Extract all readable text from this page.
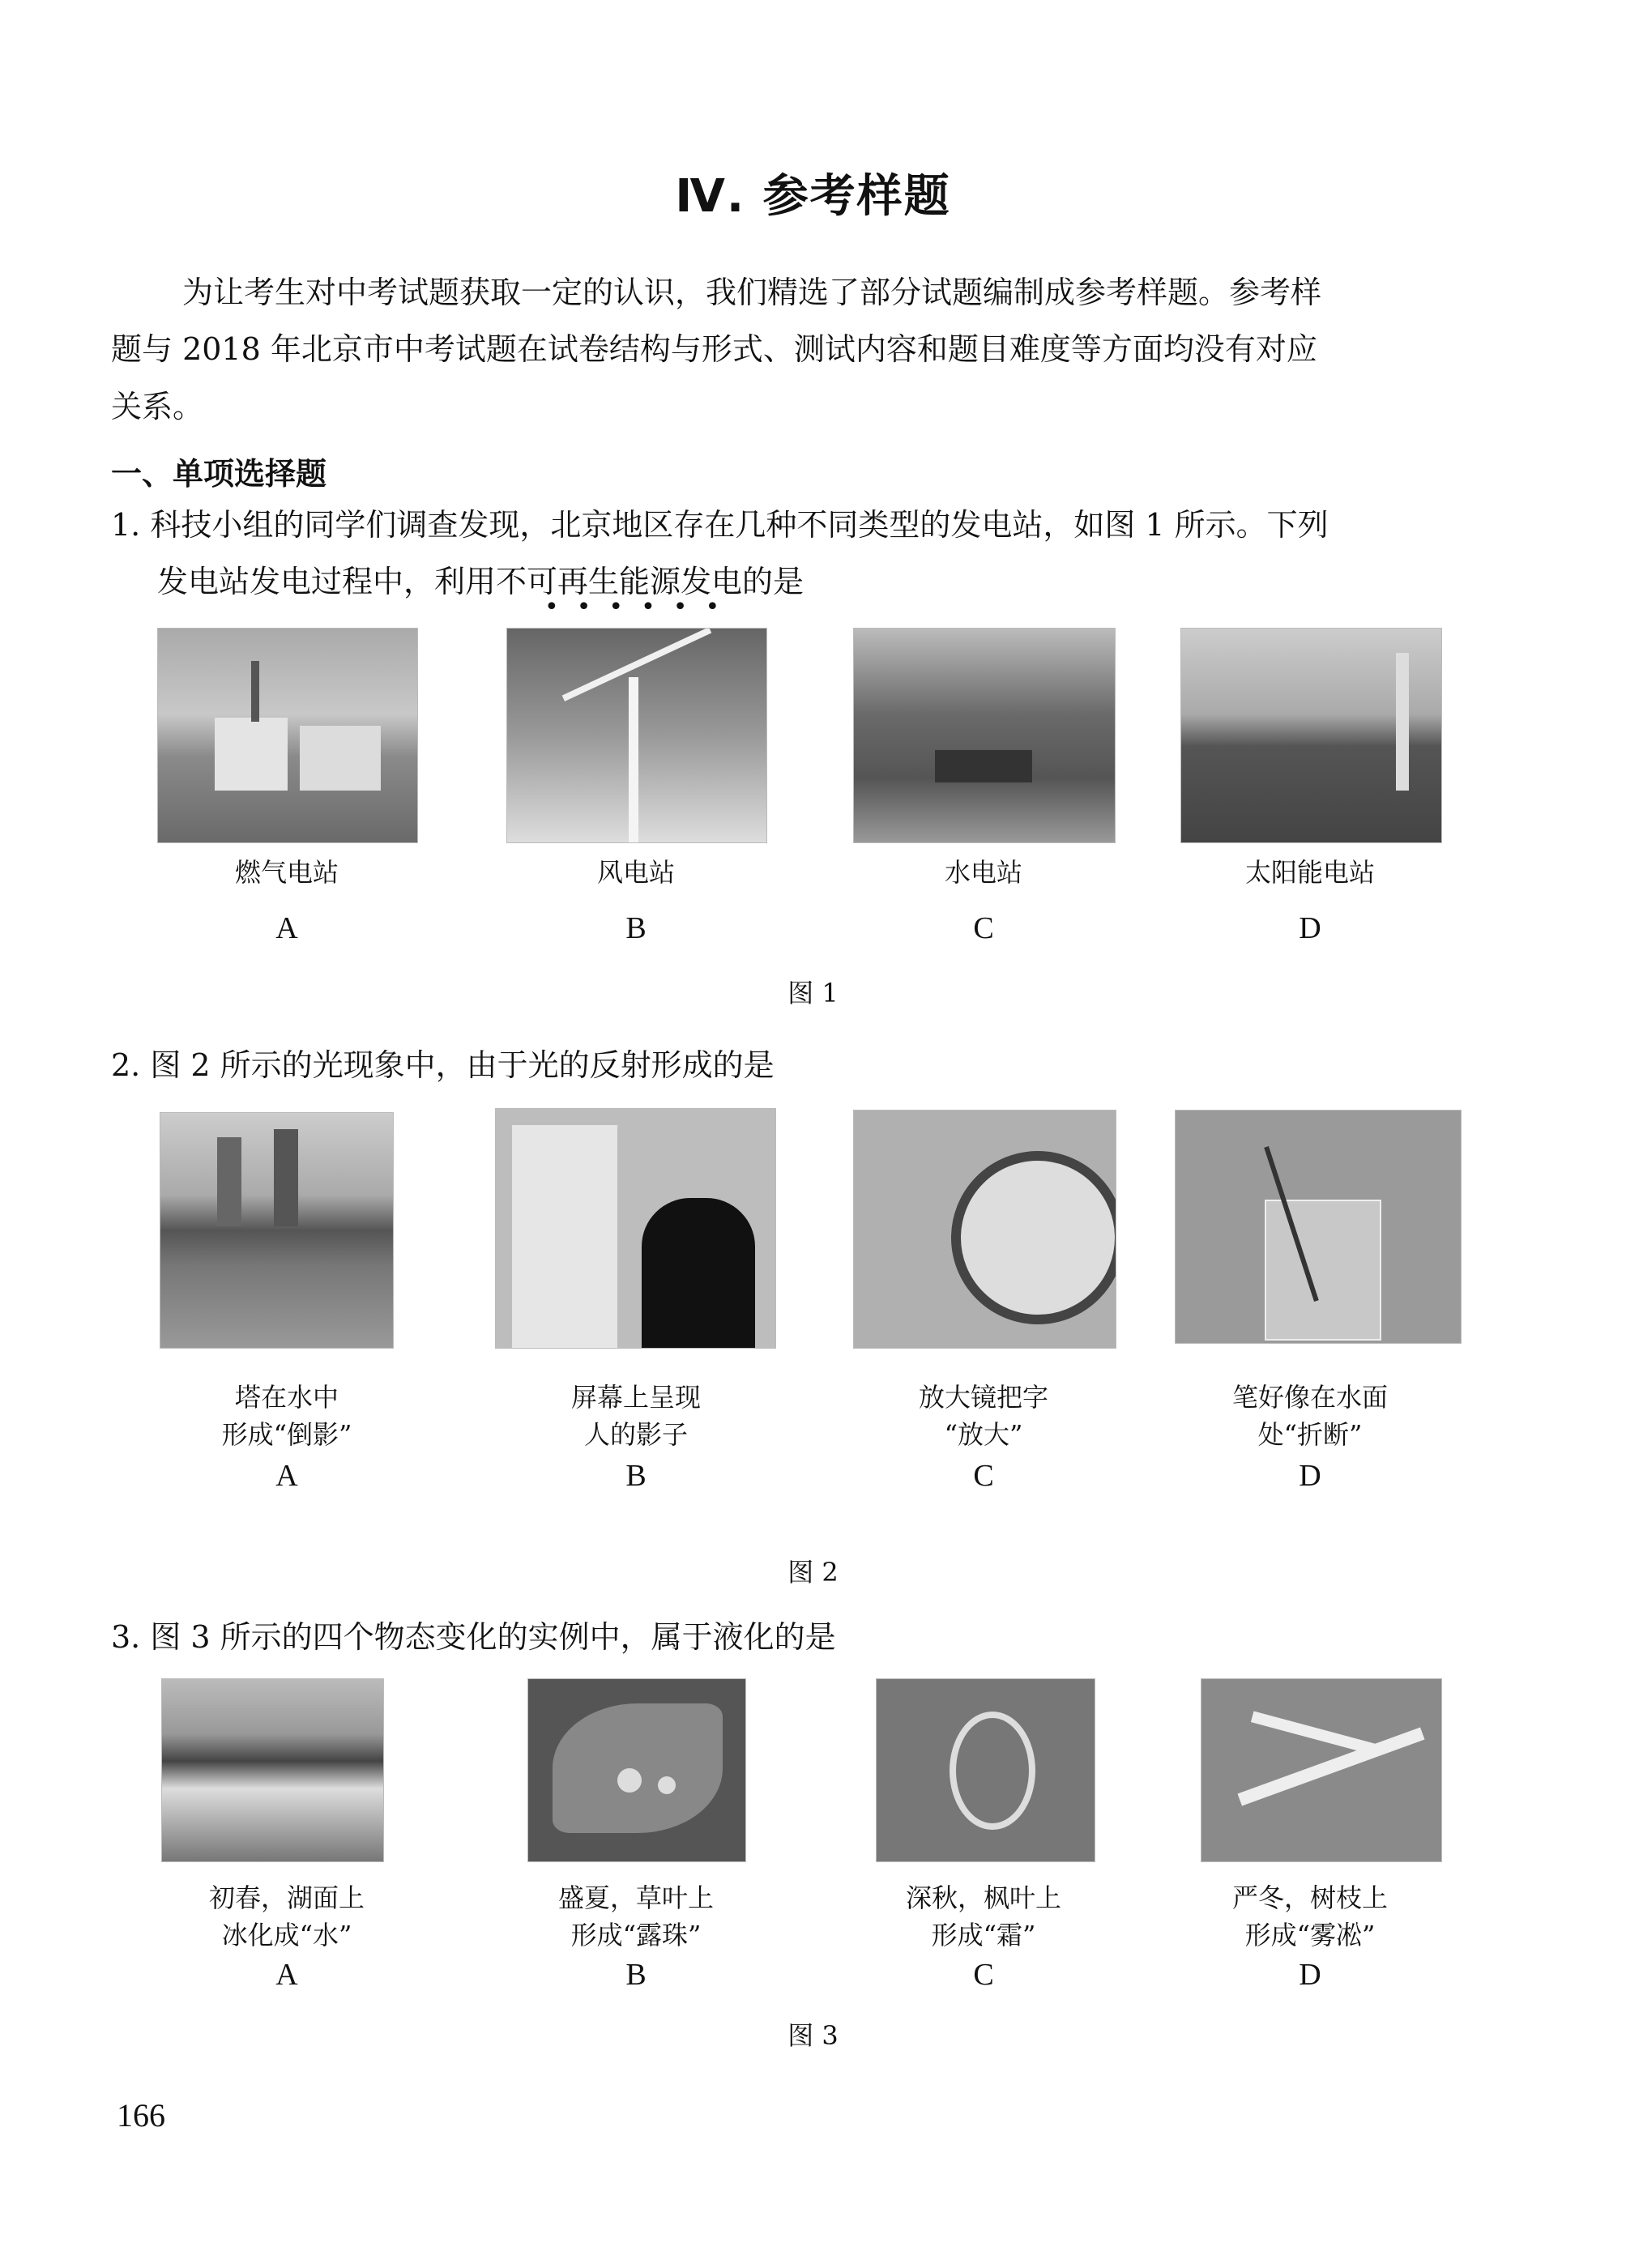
Ⅳ. 参考样题
为让考生对中考试题获取一定的认识，我们精选了部分试题编制成参考样题。参考样
题与 2018 年北京市中考试题在试卷结构与形式、测试内容和题目难度等方面均没有对应
关系。
一、单项选择题
1. 科技小组的同学们调查发现，北京地区存在几种不同类型的发电站，如图 1 所示。下列
发电站发电过程中，利用不可再生能源发电的是
••••••
燃气电站	风电站	水电站	太阳能电站
A	B	C	D
图 1
2. 图 2 所示的光现象中，由于光的反射形成的是
塔在水中
形成“倒影”
屏幕上呈现
人的影子
放大镜把字
“放大”
笔好像在水面
处“折断”
A	B	C	D
图 2
3. 图 3 所示的四个物态变化的实例中，属于液化的是
初春，湖面上
冰化成“水”
盛夏，草叶上
形成“露珠”
深秋，枫叶上
形成“霜”
严冬，树枝上
形成“雾凇”
A	B	C	D
图 3
166
